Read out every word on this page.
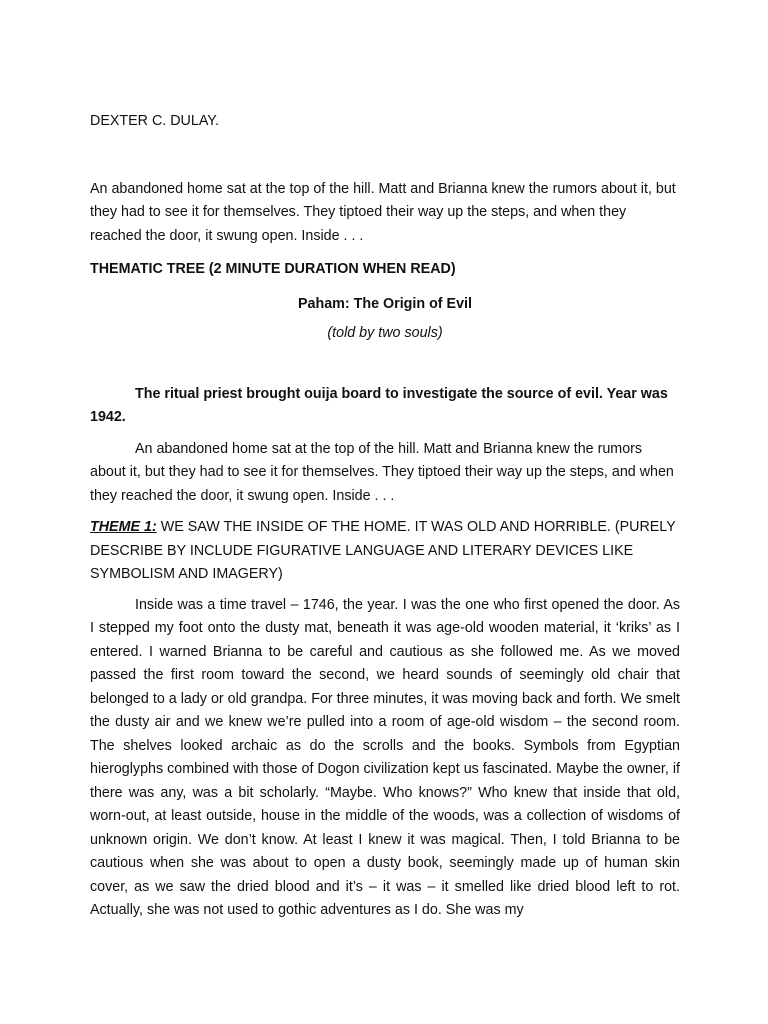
DEXTER C. DULAY.

An abandoned home sat at the top of the hill. Matt and Brianna knew the rumors about it, but they had to see it for themselves. They tiptoed their way up the steps, and when they reached the door, it swung open. Inside . . .

THEMATIC TREE (2 MINUTE DURATION WHEN READ)

Paham: The Origin of Evil

(told by two souls)

The ritual priest brought ouija board to investigate the source of evil. Year was 1942.

An abandoned home sat at the top of the hill. Matt and Brianna knew the rumors about it, but they had to see it for themselves. They tiptoed their way up the steps, and when they reached the door, it swung open. Inside . . .

THEME 1: WE SAW THE INSIDE OF THE HOME. IT WAS OLD AND HORRIBLE. (PURELY DESCRIBE BY INCLUDE FIGURATIVE LANGUAGE AND LITERARY DEVICES LIKE SYMBOLISM AND IMAGERY)

Inside was a time travel – 1746, the year. I was the one who first opened the door. As I stepped my foot onto the dusty mat, beneath it was age-old wooden material, it ‘kriks’ as I entered. I warned Brianna to be careful and cautious as she followed me. As we moved passed the first room toward the second, we heard sounds of seemingly old chair that belonged to a lady or old grandpa. For three minutes, it was moving back and forth. We smelt the dusty air and we knew we’re pulled into a room of age-old wisdom – the second room. The shelves looked archaic as do the scrolls and the books. Symbols from Egyptian hieroglyphs combined with those of Dogon civilization kept us fascinated. Maybe the owner, if there was any, was a bit scholarly. “Maybe. Who knows?” Who knew that inside that old, worn-out, at least outside, house in the middle of the woods, was a collection of wisdoms of unknown origin. We don’t know. At least I knew it was magical. Then, I told Brianna to be cautious when she was about to open a dusty book, seemingly made up of human skin cover, as we saw the dried blood and it’s – it was – it smelled like dried blood left to rot. Actually, she was not used to gothic adventures as I do. She was my
